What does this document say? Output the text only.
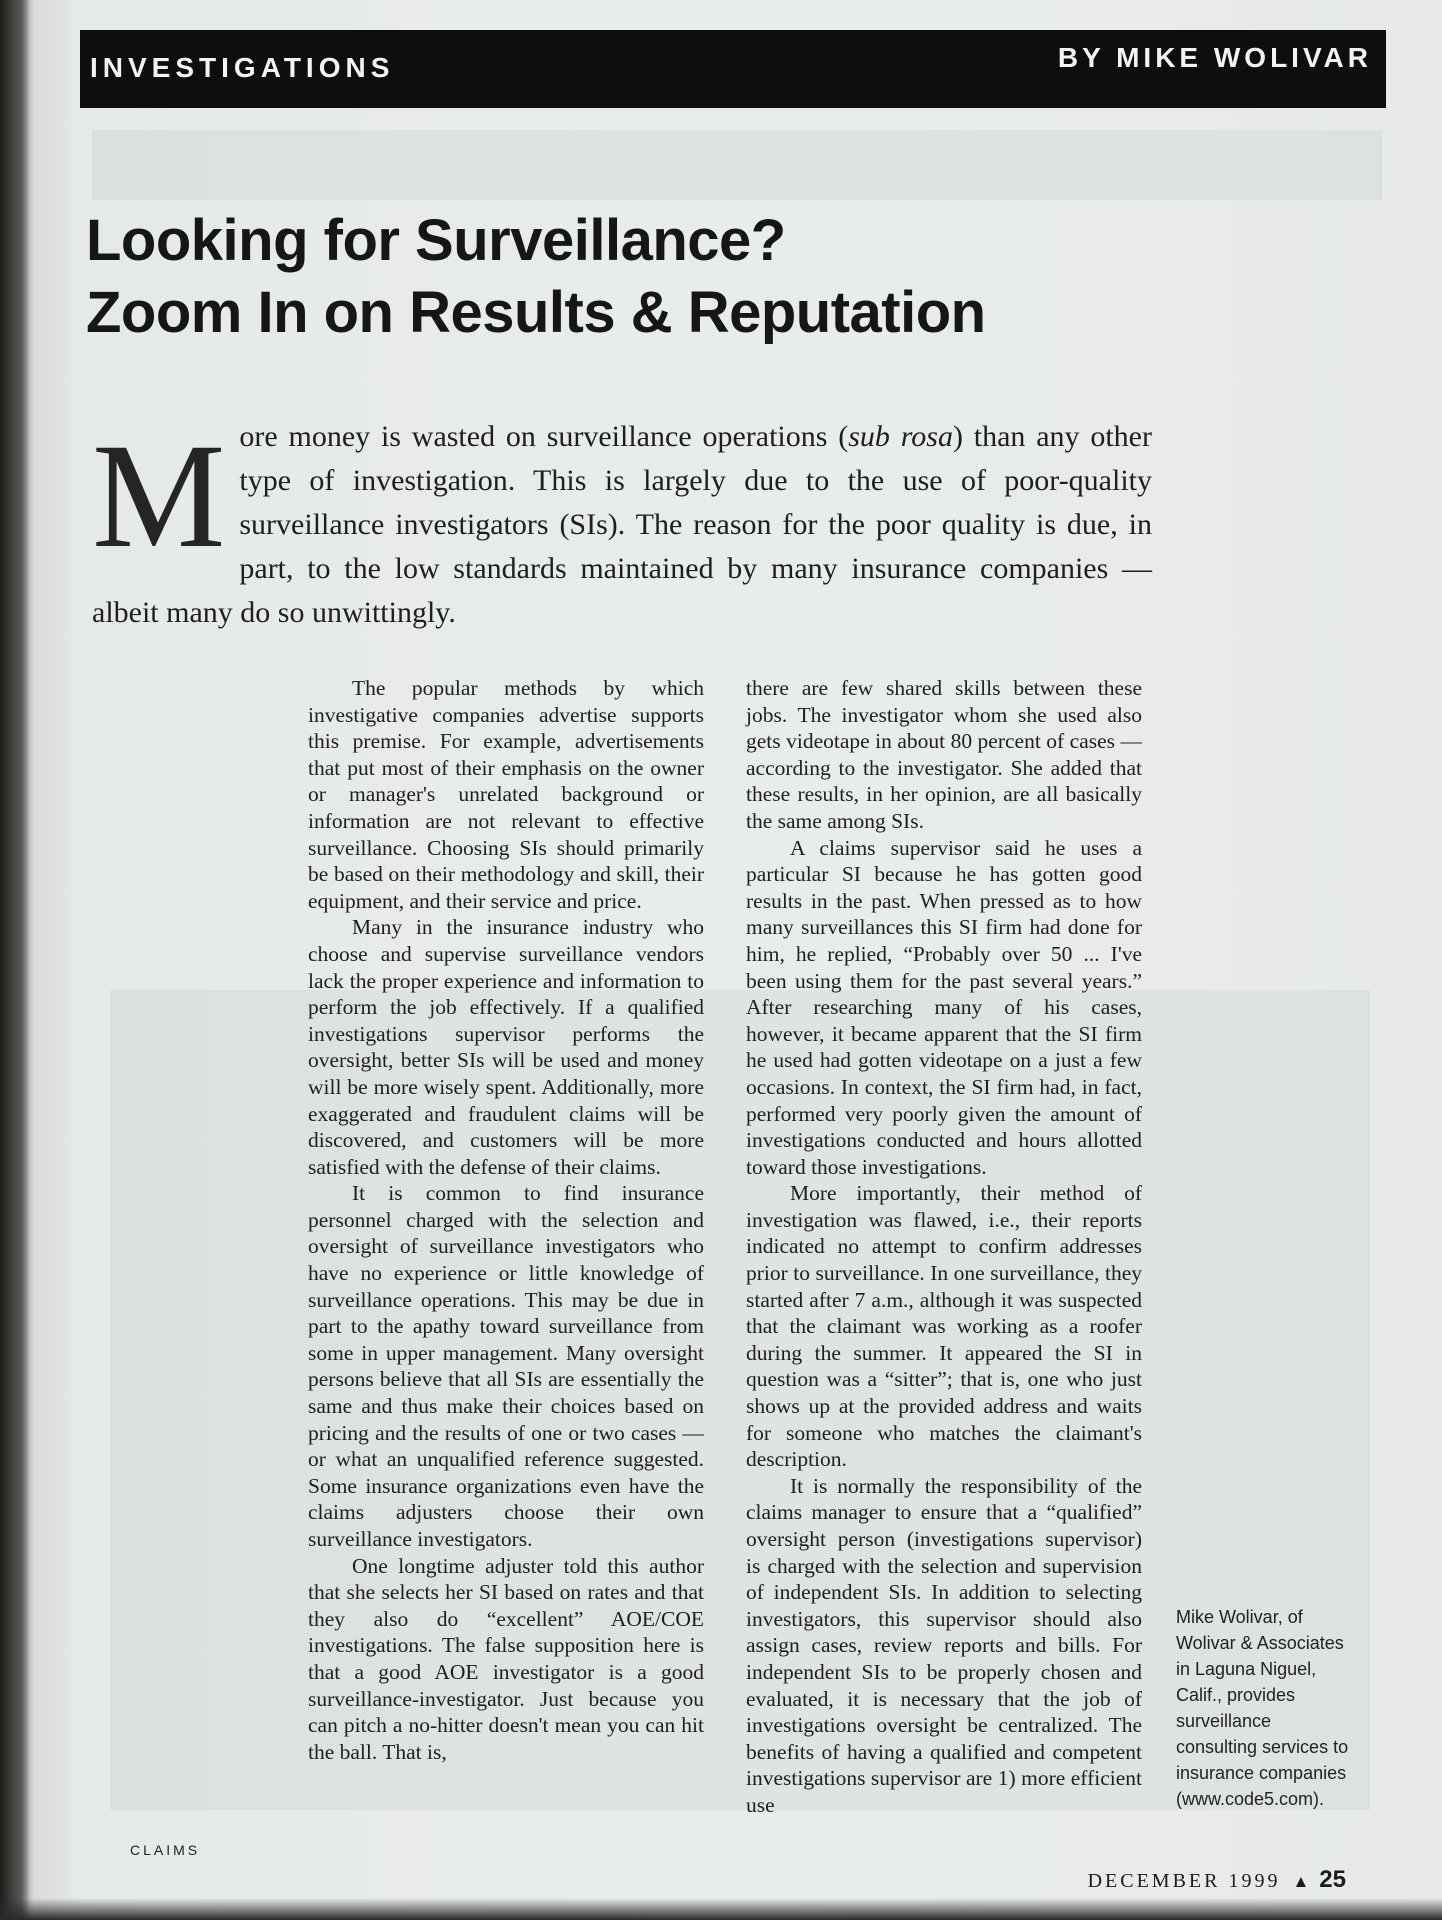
INVESTIGATIONS	BY MIKE WOLIVAR
Looking for Surveillance?
Zoom In on Results & Reputation
More money is wasted on surveillance operations (sub rosa) than any other type of investigation. This is largely due to the use of poor-quality surveillance investigators (SIs). The reason for the poor quality is due, in part, to the low standards maintained by many insurance companies — albeit many do so unwittingly.

The popular methods by which investigative companies advertise supports this premise. For example, advertisements that put most of their emphasis on the owner or manager's unrelated background or information are not relevant to effective surveillance. Choosing SIs should primarily be based on their methodology and skill, their equipment, and their service and price.

Many in the insurance industry who choose and supervise surveillance vendors lack the proper experience and information to perform the job effectively. If a qualified investigations supervisor performs the oversight, better SIs will be used and money will be more wisely spent. Additionally, more exaggerated and fraudulent claims will be discovered, and customers will be more satisfied with the defense of their claims.

It is common to find insurance personnel charged with the selection and oversight of surveillance investigators who have no experience or little knowledge of surveillance operations. This may be due in part to the apathy toward surveillance from some in upper management. Many oversight persons believe that all SIs are essentially the same and thus make their choices based on pricing and the results of one or two cases — or what an unqualified reference suggested. Some insurance organizations even have the claims adjusters choose their own surveillance investigators.

One longtime adjuster told this author that she selects her SI based on rates and that they also do “excellent” AOE/COE investigations. The false supposition here is that a good AOE investigator is a good surveillance-investigator. Just because you can pitch a no-hitter doesn't mean you can hit the ball. That is,

there are few shared skills between these jobs. The investigator whom she used also gets videotape in about 80 percent of cases — according to the investigator. She added that these results, in her opinion, are all basically the same among SIs.

A claims supervisor said he uses a particular SI because he has gotten good results in the past. When pressed as to how many surveillances this SI firm had done for him, he replied, “Probably over 50 ... I've been using them for the past several years.” After researching many of his cases, however, it became apparent that the SI firm he used had gotten videotape on a just a few occasions. In context, the SI firm had, in fact, performed very poorly given the amount of investigations conducted and hours allotted toward those investigations.

More importantly, their method of investigation was flawed, i.e., their reports indicated no attempt to confirm addresses prior to surveillance. In one surveillance, they started after 7 a.m., although it was suspected that the claimant was working as a roofer during the summer. It appeared the SI in question was a “sitter”; that is, one who just shows up at the provided address and waits for someone who matches the claimant's description.

It is normally the responsibility of the claims manager to ensure that a “qualified” oversight person (investigations supervisor) is charged with the selection and supervision of independent SIs. In addition to selecting investigators, this supervisor should also assign cases, review reports and bills. For independent SIs to be properly chosen and evaluated, it is necessary that the job of investigations oversight be centralized. The benefits of having a qualified and competent investigations supervisor are 1) more efficient use

Mike Wolivar, of Wolivar & Associates in Laguna Niguel, Calif., provides surveillance consulting services to insurance companies (www.code5.com).
CLAIMS
DECEMBER 1999 ▲ 25
